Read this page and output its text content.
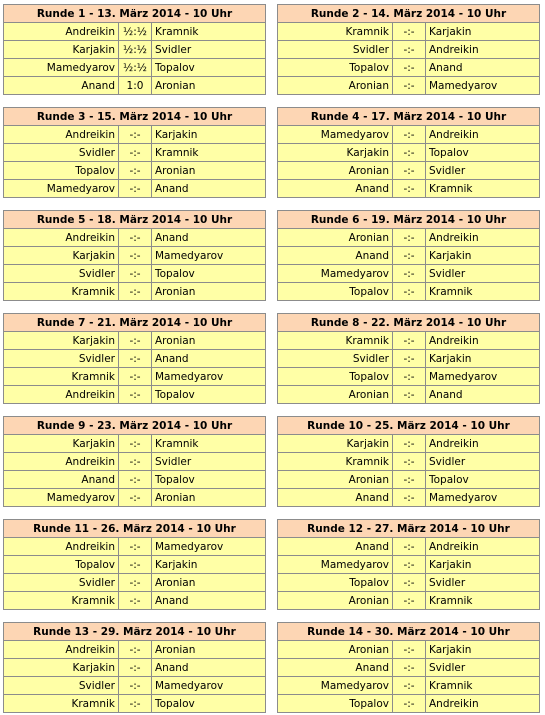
Runde 1 - 13. März 2014 - 10 Uhr		
Andreikin	½:½	Kramnik
Karjakin	½:½	Svidler
Mamedyarov	½:½	Topalov
Anand	1:0	Aronian
Runde 2 - 14. März 2014 - 10 Uhr		
Kramnik	-:-	Karjakin
Svidler	-:-	Andreikin
Topalov	-:-	Anand
Aronian	-:-	Mamedyarov
Runde 3 - 15. März 2014 - 10 Uhr		
Andreikin	-:-	Karjakin
Svidler	-:-	Kramnik
Topalov	-:-	Aronian
Mamedyarov	-:-	Anand
Runde 4 - 17. März 2014 - 10 Uhr		
Mamedyarov	-:-	Andreikin
Karjakin	-:-	Topalov
Aronian	-:-	Svidler
Anand	-:-	Kramnik
Runde 5 - 18. März 2014 - 10 Uhr		
Andreikin	-:-	Anand
Karjakin	-:-	Mamedyarov
Svidler	-:-	Topalov
Kramnik	-:-	Aronian
Runde 6 - 19. März 2014 - 10 Uhr		
Aronian	-:-	Andreikin
Anand	-:-	Karjakin
Mamedyarov	-:-	Svidler
Topalov	-:-	Kramnik
Runde 7 - 21. März 2014 - 10 Uhr		
Karjakin	-:-	Aronian
Svidler	-:-	Anand
Kramnik	-:-	Mamedyarov
Andreikin	-:-	Topalov
Runde 8 - 22. März 2014 - 10 Uhr		
Kramnik	-:-	Andreikin
Svidler	-:-	Karjakin
Topalov	-:-	Mamedyarov
Aronian	-:-	Anand
Runde 9 - 23. März 2014 - 10 Uhr		
Karjakin	-:-	Kramnik
Andreikin	-:-	Svidler
Anand	-:-	Topalov
Mamedyarov	-:-	Aronian
Runde 10 - 25. März 2014 - 10 Uhr		
Karjakin	-:-	Andreikin
Kramnik	-:-	Svidler
Aronian	-:-	Topalov
Anand	-:-	Mamedyarov
Runde 11 - 26. März 2014 - 10 Uhr		
Andreikin	-:-	Mamedyarov
Topalov	-:-	Karjakin
Svidler	-:-	Aronian
Kramnik	-:-	Anand
Runde 12 - 27. März 2014 - 10 Uhr		
Anand	-:-	Andreikin
Mamedyarov	-:-	Karjakin
Topalov	-:-	Svidler
Aronian	-:-	Kramnik
Runde 13 - 29. März 2014 - 10 Uhr		
Andreikin	-:-	Aronian
Karjakin	-:-	Anand
Svidler	-:-	Mamedyarov
Kramnik	-:-	Topalov
Runde 14 - 30. März 2014 - 10 Uhr		
Aronian	-:-	Karjakin
Anand	-:-	Svidler
Mamedyarov	-:-	Kramnik
Topalov	-:-	Andreikin
